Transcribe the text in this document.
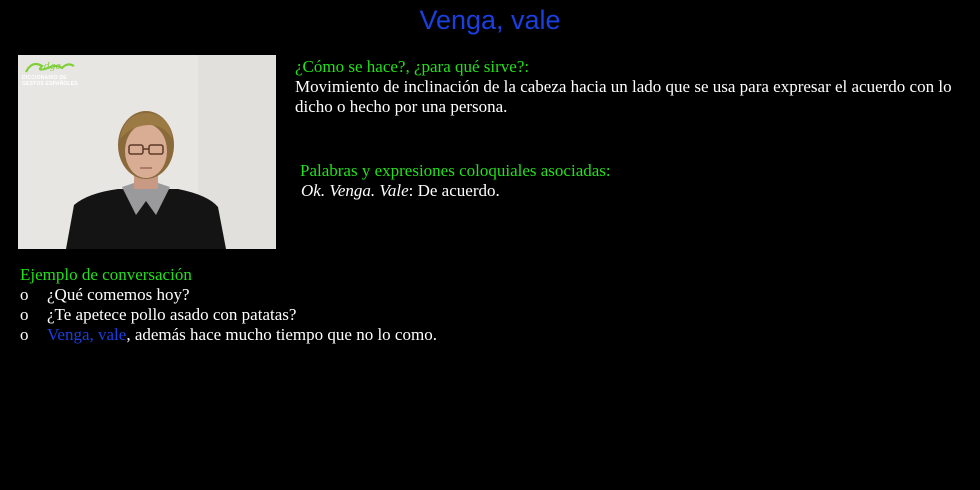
Venga, vale
dge
DICCIONARIO DE
GESTOS ESPAÑOLES
¿Cómo se hace?, ¿para qué sirve?:
Movimiento de inclinación de la cabeza hacia un lado que se usa para expresar el acuerdo con lo dicho o hecho por una persona.
Palabras y expresiones coloquiales asociadas:
Ok. Venga. Vale: De acuerdo.
Ejemplo de conversación
o ¿Qué comemos hoy?
o ¿Te apetece pollo asado con patatas?
o Venga, vale, además hace mucho tiempo que no lo como.
